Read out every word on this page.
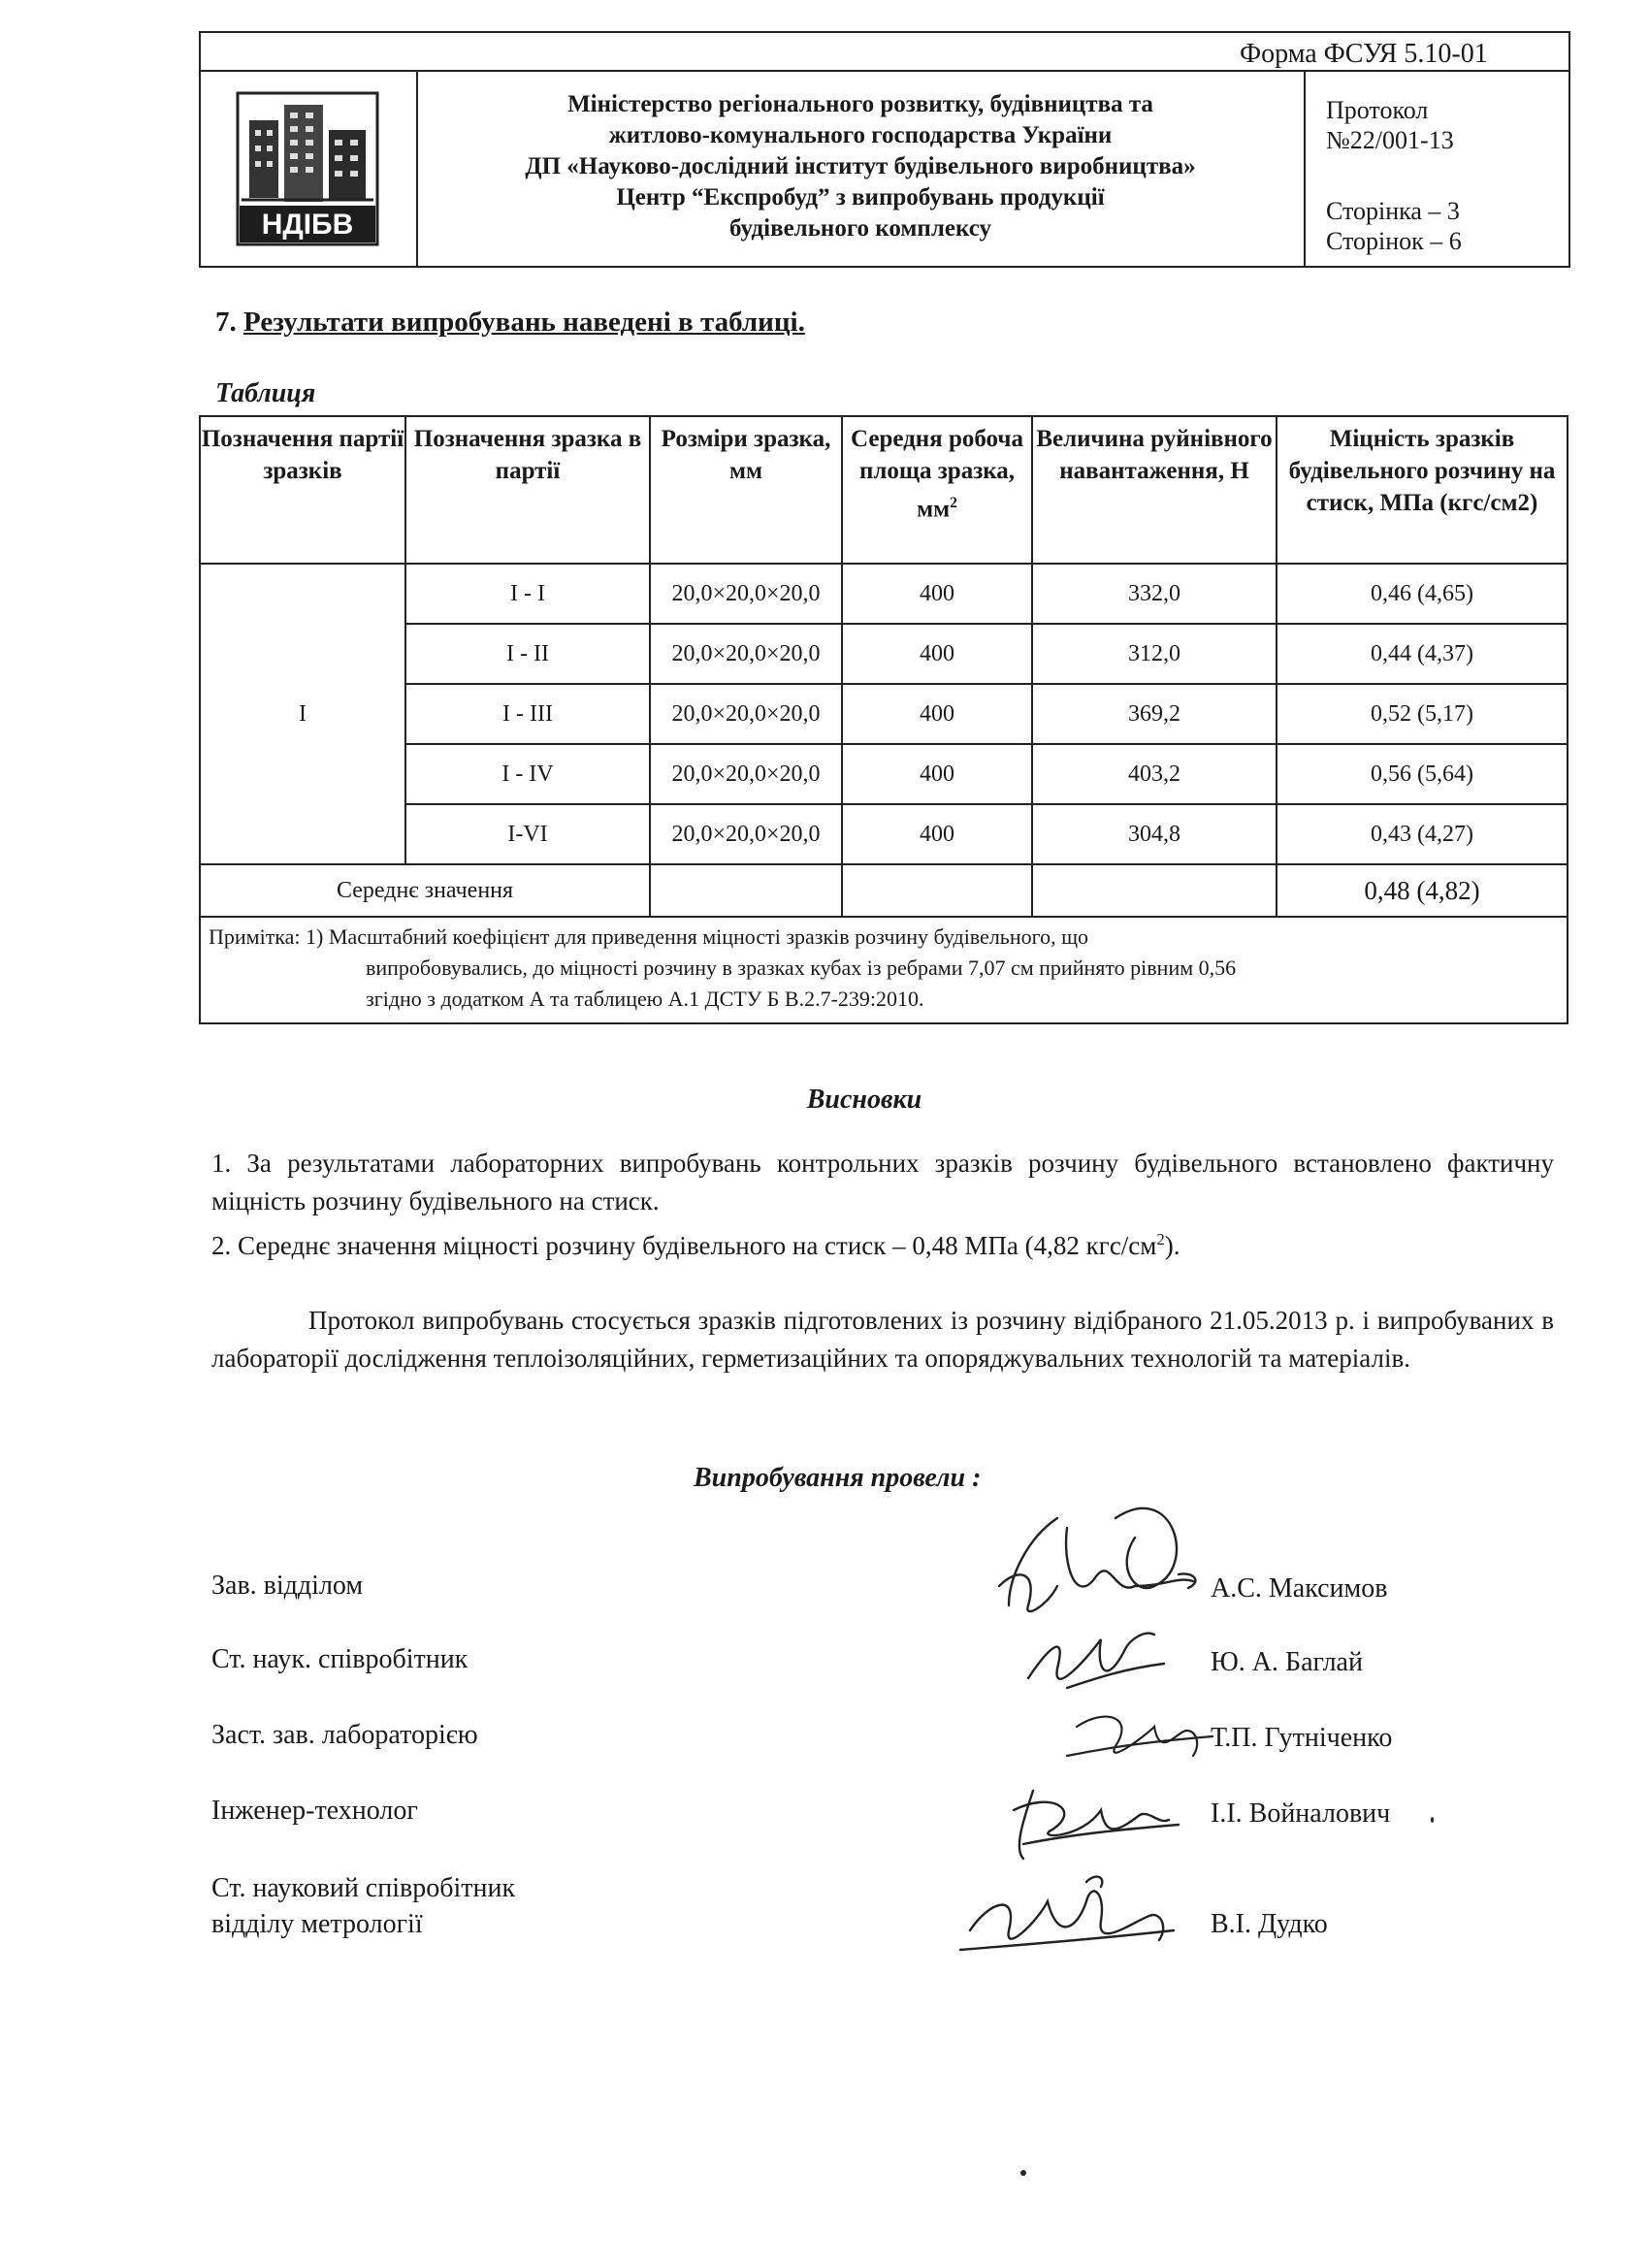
Форма ФСУЯ 5.10-01
НДІБВ
Міністерство регіонального розвитку, будівництва та
житлово-комунального господарства України
ДП «Науково-дослідний інститут будівельного виробництва»
Центр “Експробуд” з випробувань продукції
будівельного комплексу
Протокол
№22/001-13
Сторінка – 3
Сторінок – 6
7. Результати випробувань наведені в таблиці.
Таблиця
Позначення партії зразків	Позначення зразка в партії	Розміри зразка, мм	Середня робоча площа зразка, $мм^2$	Величина руйнівного навантаження, Н	Міцність зразків будівельного розчину на стиск, МПа (кгс/см2)
I	I - I	20,0×20,0×20,0	400	332,0	0,46 (4,65)
	I - II	20,0×20,0×20,0	400	312,0	0,44 (4,37)
	I - III	20,0×20,0×20,0	400	369,2	0,52 (5,17)
	I - IV	20,0×20,0×20,0	400	403,2	0,56 (5,64)
	I-VI	20,0×20,0×20,0	400	304,8	0,43 (4,27)
Середнє значення					0,48 (4,82)
Примітка: 1) Масштабний коефіцієнт для приведення міцності зразків розчину будівельного, що
випробовувались, до міцності розчину в зразках кубах із ребрами 7,07 см прийнято рівним 0,56
згідно з додатком А та таблицею А.1 ДСТУ Б В.2.7-239:2010.					
Висновки

1. За результатами лабораторних випробувань контрольних зразків розчину будівельного встановлено фактичну міцність розчину будівельного на стиск.

2. Середнє значення міцності розчину будівельного на стиск – 0,48 МПа (4,82 кгс/$см^2$).

Протокол випробувань стосується зразків підготовлених із розчину відібраного 21.05.2013 р. і випробуваних в лабораторії дослідження теплоізоляційних, герметизаційних та опоряджувальних технологій та матеріалів.
Випробування провели :
Зав. відділом
Ст. наук. співробітник
Заст. зав. лабораторією
Інженер-технолог
Ст. науковий співробітник
відділу метрології
А.С. Максимов
Ю. А. Баглай
Т.П. Гутніченко
І.І. Войналович
В.І. Дудко
